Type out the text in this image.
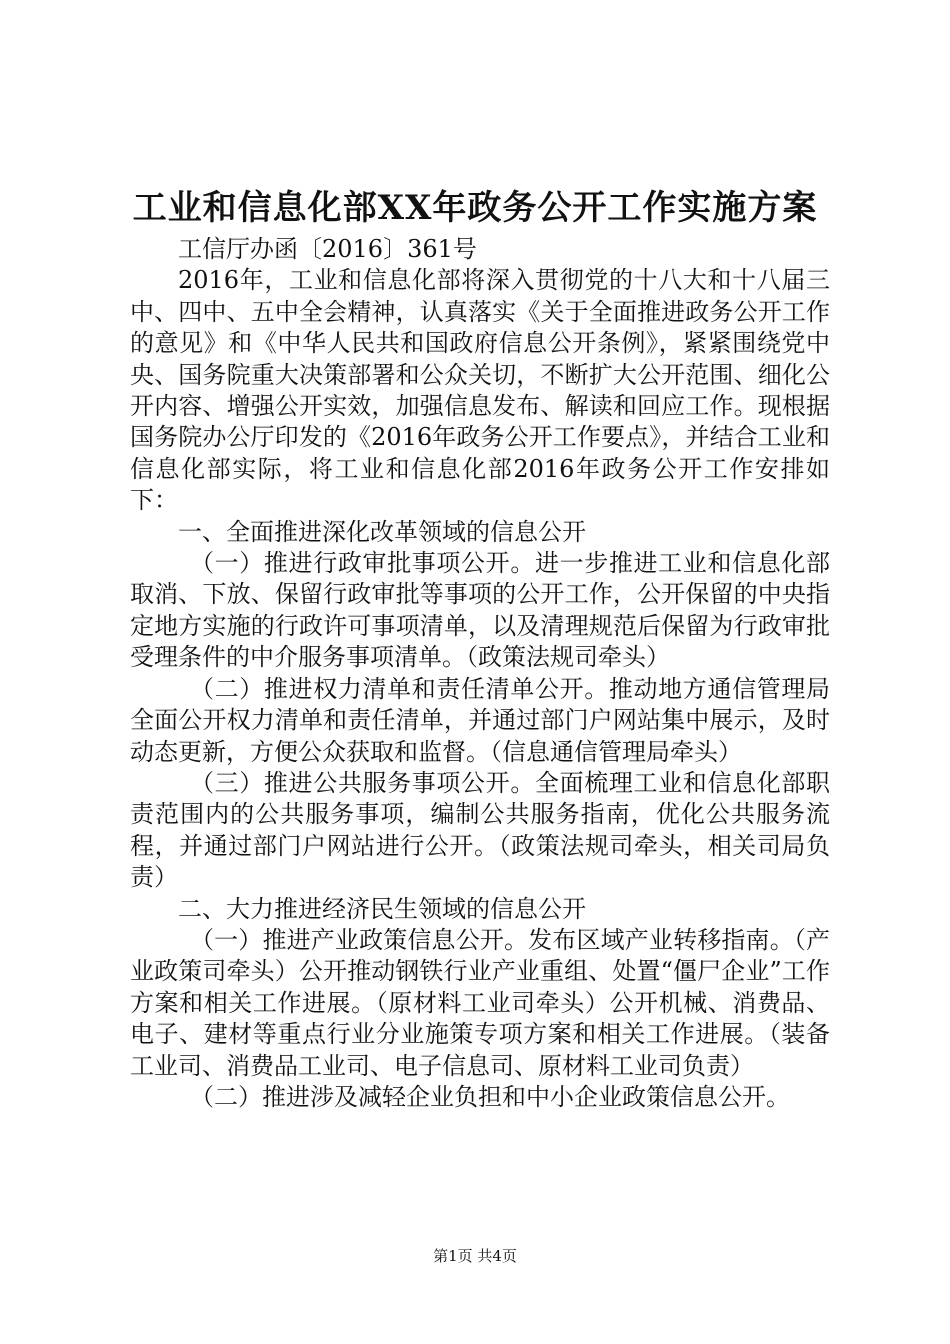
工业和信息化部XX年政务公开工作实施方案

工信厅办函〔2016〕361号

2016年，工业和信息化部将深入贯彻党的十八大和十八届三中、四中、五中全会精神，认真落实《关于全面推进政务公开工作的意见》和《中华人民共和国政府信息公开条例》，紧紧围绕党中央、国务院重大决策部署和公众关切，不断扩大公开范围、细化公开内容、增强公开实效，加强信息发布、解读和回应工作。现根据国务院办公厅印发的《2016年政务公开工作要点》，并结合工业和信息化部实际，将工业和信息化部2016年政务公开工作安排如下：

一、全面推进深化改革领域的信息公开

（一）推进行政审批事项公开。进一步推进工业和信息化部取消、下放、保留行政审批等事项的公开工作，公开保留的中央指定地方实施的行政许可事项清单，以及清理规范后保留为行政审批受理条件的中介服务事项清单。（政策法规司牵头）

（二）推进权力清单和责任清单公开。推动地方通信管理局全面公开权力清单和责任清单，并通过部门户网站集中展示，及时动态更新，方便公众获取和监督。（信息通信管理局牵头）

（三）推进公共服务事项公开。全面梳理工业和信息化部职责范围内的公共服务事项，编制公共服务指南，优化公共服务流程，并通过部门户网站进行公开。（政策法规司牵头，相关司局负责）

二、大力推进经济民生领域的信息公开

（一）推进产业政策信息公开。发布区域产业转移指南。（产业政策司牵头）公开推动钢铁行业产业重组、处置“僵尸企业”工作方案和相关工作进展。（原材料工业司牵头）公开机械、消费品、电子、建材等重点行业分业施策专项方案和相关工作进展。（装备工业司、消费品工业司、电子信息司、原材料工业司负责）

（二）推进涉及减轻企业负担和中小企业政策信息公开。

第1页 共4页
